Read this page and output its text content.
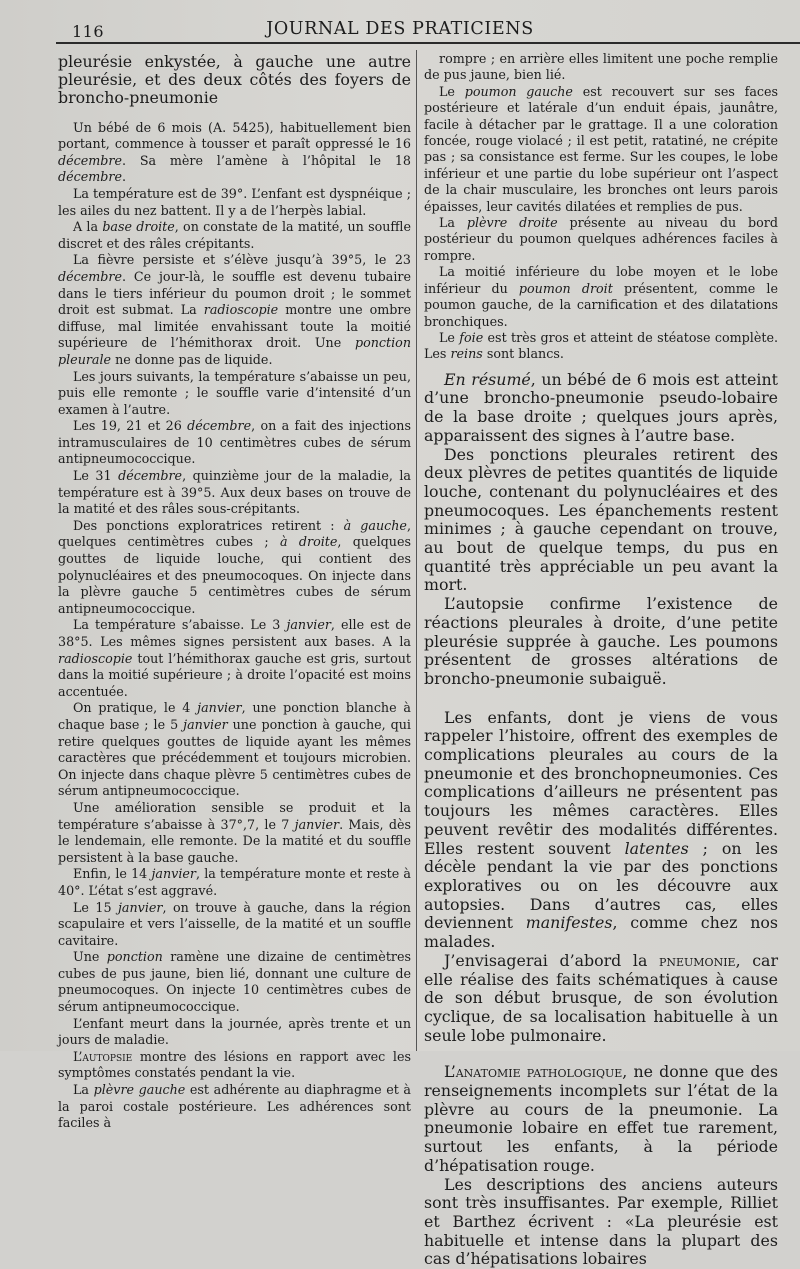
116	JOURNAL DES PRATICIENS

pleurésie enkystée, à gauche une autre pleurésie, et des deux côtés des foyers de broncho-pneumonie

Un bébé de 6 mois (A. 5425), habituellement bien portant, commence à tousser et paraît oppressé le 16 décembre. Sa mère l’amène à l’hôpital le 18 décembre.

La température est de 39°. L’enfant est dyspnéique ; les ailes du nez battent. Il y a de l’herpès labial.

A la base droite, on constate de la matité, un souffle discret et des râles crépitants.

La fièvre persiste et s’élève jusqu’à 39°5, le 23 décembre. Ce jour-là, le souffle est devenu tubaire dans le tiers inférieur du poumon droit ; le sommet droit est submat. La radioscopie montre une ombre diffuse, mal limitée envahissant toute la moitié supérieure de l’hémithorax droit. Une ponction pleurale ne donne pas de liquide.

Les jours suivants, la température s’abaisse un peu, puis elle remonte ; le souffle varie d’intensité d’un examen à l’autre.

Les 19, 21 et 26 décembre, on a fait des injections intramusculaires de 10 centimètres cubes de sérum antipneumococcique.

Le 31 décembre, quinzième jour de la maladie, la température est à 39°5. Aux deux bases on trouve de la matité et des râles sous-crépitants.

Des ponctions exploratrices retirent : à gauche, quelques centimètres cubes ; à droite, quelques gouttes de liquide louche, qui contient des polynucléaires et des pneumocoques. On injecte dans la plèvre gauche 5 centimètres cubes de sérum antipneumococcique.

La température s’abaisse. Le 3 janvier, elle est de 38°5. Les mêmes signes persistent aux bases. A la radioscopie tout l’hémithorax gauche est gris, surtout dans la moitié supérieure ; à droite l’opacité est moins accentuée.

On pratique, le 4 janvier, une ponction blanche à chaque base ; le 5 janvier une ponction à gauche, qui retire quelques gouttes de liquide ayant les mêmes caractères que précédemment et toujours microbien. On injecte dans chaque plèvre 5 centimètres cubes de sérum antipneumococcique.

Une amélioration sensible se produit et la température s’abaisse à 37°,7, le 7 janvier. Mais, dès le lendemain, elle remonte. De la matité et du souffle persistent à la base gauche.

Enfin, le 14 janvier, la température monte et reste à 40°. L’état s’est aggravé.

Le 15 janvier, on trouve à gauche, dans la région scapulaire et vers l’aisselle, de la matité et un souffle cavitaire.

Une ponction ramène une dizaine de centimètres cubes de pus jaune, bien lié, donnant une culture de pneumocoques. On injecte 10 centimètres cubes de sérum antipneumococcique.

L’enfant meurt dans la journée, après trente et un jours de maladie.

L’autopsie montre des lésions en rapport avec les symptômes constatés pendant la vie.

La plèvre gauche est adhérente au diaphragme et à la paroi costale postérieure. Les adhérences sont faciles à

rompre ; en arrière elles limitent une poche remplie de pus jaune, bien lié.

Le poumon gauche est recouvert sur ses faces postérieure et latérale d’un enduit épais, jaunâtre, facile à détacher par le grattage. Il a une coloration foncée, rouge violacé ; il est petit, ratatiné, ne crépite pas ; sa consistance est ferme. Sur les coupes, le lobe inférieur et une partie du lobe supérieur ont l’aspect de la chair musculaire, les bronches ont leurs parois épaisses, leur cavités dilatées et remplies de pus.

La plèvre droite présente au niveau du bord postérieur du poumon quelques adhérences faciles à rompre.

La moitié inférieure du lobe moyen et le lobe inférieur du poumon droit présentent, comme le poumon gauche, de la carnification et des dilatations bronchiques.

Le foie est très gros et atteint de stéatose complète. Les reins sont blancs.

En résumé, un bébé de 6 mois est atteint d’une broncho-pneumonie pseudo-lobaire de la base droite ; quelques jours après, apparaissent des signes à l’autre base.

Des ponctions pleurales retirent des deux plèvres de petites quantités de liquide louche, contenant du polynucléaires et des pneumocoques. Les épanchements restent minimes ; à gauche cependant on trouve, au bout de quelque temps, du pus en quantité très appréciable un peu avant la mort.

L’autopsie confirme l’existence de réactions pleurales à droite, d’une petite pleurésie supprée à gauche. Les poumons présentent de grosses altérations de broncho-pneumonie subaiguë.

Les enfants, dont je viens de vous rappeler l’histoire, offrent des exemples de complications pleurales au cours de la pneumonie et des bronchopneumonies. Ces complications d’ailleurs ne présentent pas toujours les mêmes caractères. Elles peuvent revêtir des modalités différentes. Elles restent souvent latentes ; on les décèle pendant la vie par des ponctions exploratives ou on les découvre aux autopsies. Dans d’autres cas, elles deviennent manifestes, comme chez nos malades.

J’envisagerai d’abord la pneumonie, car elle réalise des faits schématiques à cause de son début brusque, de son évolution cyclique, de sa localisation habituelle à un seule lobe pulmonaire.

L’anatomie pathologique, ne donne que des renseignements incomplets sur l’état de la plèvre au cours de la pneumonie. La pneumonie lobaire en effet tue rarement, surtout les enfants, à la période d’hépatisation rouge.

Les descriptions des anciens auteurs sont très insuffisantes. Par exemple, Rilliet et Barthez écrivent : «La pleurésie est habituelle et intense dans la plupart des cas d’hépatisations lobaires
